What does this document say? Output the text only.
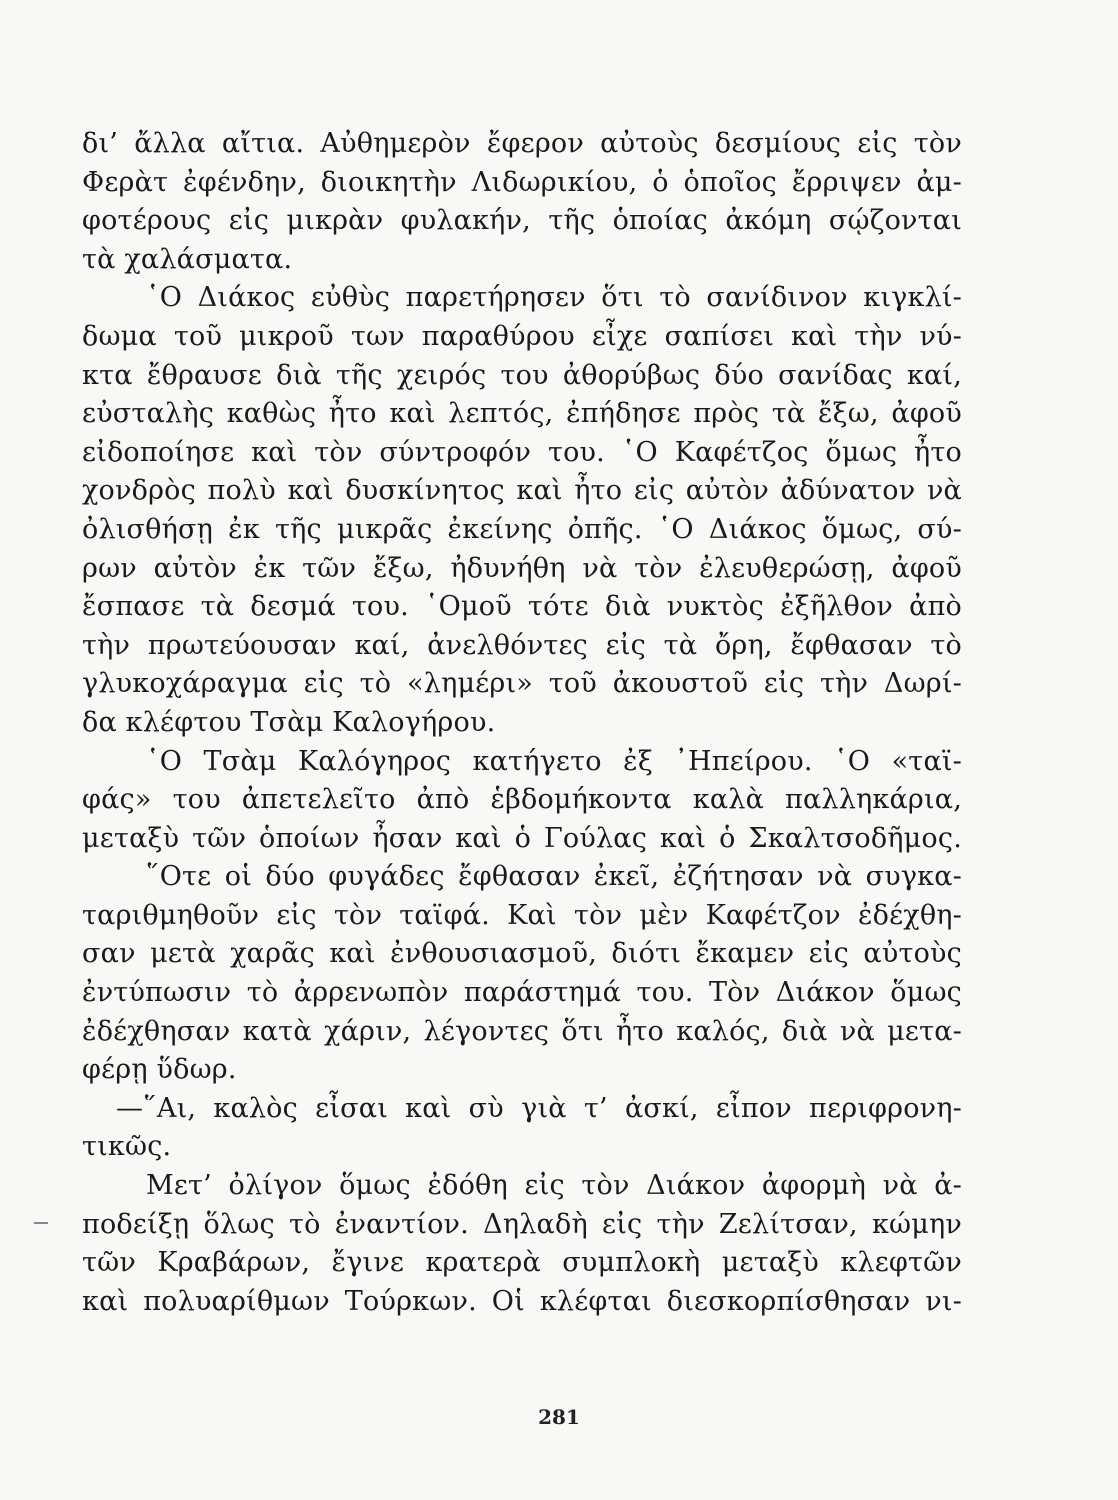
δι’ ἄλλα αἴτια. Αὐθημερὸν ἔφερον αὐτοὺς δεσμίους εἰς τὸν
Φερὰτ ἐφένδην, διοικητὴν Λιδωρικίου, ὁ ὁποῖος ἔρριψεν ἀμ-
φοτέρους εἰς μικρὰν φυλακήν, τῆς ὁποίας ἀκόμη σῴζονται
τὰ χαλάσματα.
῾Ο Διάκος εὐθὺς παρετήρησεν ὅτι τὸ σανίδινον κιγκλί-
δωμα τοῦ μικροῦ των παραθύρου εἶχε σαπίσει καὶ τὴν νύ-
κτα ἔθραυσε διὰ τῆς χειρός του ἀθορύβως δύο σανίδας καί,
εὐσταλὴς καθὼς ἦτο καὶ λεπτός, ἐπήδησε πρὸς τὰ ἔξω, ἀφοῦ
εἰδοποίησε καὶ τὸν σύντροφόν του. ῾Ο Καφέτζος ὅμως ἦτο
χονδρὸς πολὺ καὶ δυσκίνητος καὶ ἦτο εἰς αὐτὸν ἀδύνατον νὰ
ὀλισθήσῃ ἐκ τῆς μικρᾶς ἐκείνης ὀπῆς. ῾Ο Διάκος ὅμως, σύ-
ρων αὐτὸν ἐκ τῶν ἔξω, ἠδυνήθη νὰ τὸν ἐλευθερώσῃ, ἀφοῦ
ἔσπασε τὰ δεσμά του. ῾Ομοῦ τότε διὰ νυκτὸς ἐξῆλθον ἀπὸ
τὴν πρωτεύουσαν καί, ἀνελθόντες εἰς τὰ ὄρη, ἔφθασαν τὸ
γλυκοχάραγμα εἰς τὸ «λημέρι» τοῦ ἀκουστοῦ εἰς τὴν Δωρί-
δα κλέφτου Τσὰμ Καλογήρου.
῾Ο Τσὰμ Καλόγηρος κατήγετο ἐξ ᾿Ηπείρου. ῾Ο «ταϊ-
φάς» του ἀπετελεῖτο ἀπὸ ἑβδομήκοντα καλὰ παλληκάρια,
μεταξὺ τῶν ὁποίων ἦσαν καὶ ὁ Γούλας καὶ ὁ Σκαλτσοδῆμος.
῞Οτε οἱ δύο φυγάδες ἔφθασαν ἐκεῖ, ἐζήτησαν νὰ συγκα-
ταριθμηθοῦν εἰς τὸν ταϊφά. Καὶ τὸν μὲν Καφέτζον ἐδέχθη-
σαν μετὰ χαρᾶς καὶ ἐνθουσιασμοῦ, διότι ἔκαμεν εἰς αὐτοὺς
ἐντύπωσιν τὸ ἀρρενωπὸν παράστημά του. Τὸν Διάκον ὅμως
ἐδέχθησαν κατὰ χάριν, λέγοντες ὅτι ἦτο καλός, διὰ νὰ μετα-
φέρῃ ὕδωρ.
—῞Αι, καλὸς εἶσαι καὶ σὺ γιὰ τ’ ἀσκί, εἶπον περιφρονη-
τικῶς.
Μετ’ ὀλίγον ὅμως ἐδόθη εἰς τὸν Διάκον ἀφορμὴ νὰ ἀ-
ποδείξῃ ὅλως τὸ ἐναντίον. Δηλαδὴ εἰς τὴν Ζελίτσαν, κώμην
τῶν Κραβάρων, ἔγινε κρατερὰ συμπλοκὴ μεταξὺ κλεφτῶν
καὶ πολυαρίθμων Τούρκων. Οἱ κλέφται διεσκορπίσθησαν νι-
281
